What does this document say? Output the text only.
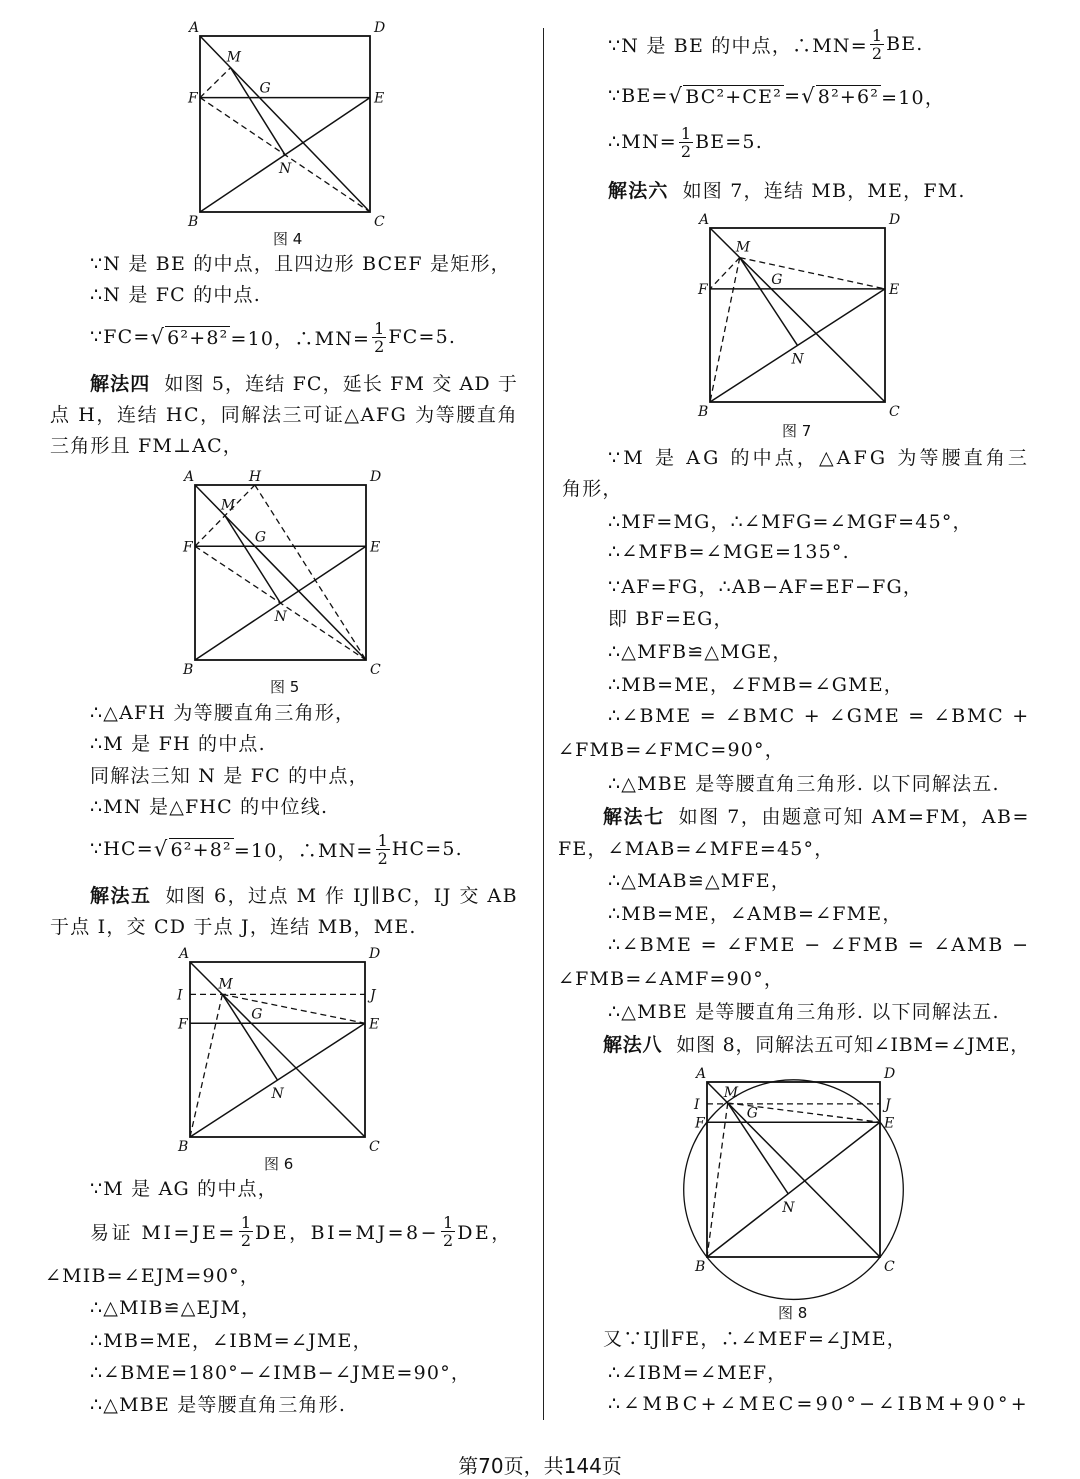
∵N 是 BE 的中点，且四边形 BCEF 是矩形，
∴N 是 FC 的中点.
∵FC= √ 6²+8² =10，∴MN= $\frac{1}{2} FC=5$.
解法四 如图 5，连结 FC，延长 FM 交 AD 于
点 H，连结 HC，同解法三可证△AFG 为等腰直角
三角形且 FM⊥AC，
∴△AFH 为等腰直角三角形，
∴M 是 FH 的中点.
同解法三知 N 是 FC 的中点，
∴MN 是△FHC 的中位线.
∵HC= √ 6²+8² =10，∴MN= $\frac{1}{2} HC=5$.
解法五 如图 6，过点 M 作 IJ∥BC，IJ 交 AB
于点 I，交 CD 于点 J，连结 MB，ME.
∵M 是 AG 的中点，
易证 $MI=JE= \frac{1}{2}$ DE，$BI=MJ=8- \frac{1}{2}$ DE，
∠MIB=∠EJM=90°，
∴△MIB≌△EJM，
∴MB=ME，∠IBM=∠JME，
∴∠BME=180°−∠IMB−∠JME=90°，
∴△MBE 是等腰直角三角形.
∵N 是 BE 的中点，∴MN= $\frac{1}{2}$ BE.
∵BE= √ BC²+CE² = √ 8²+6² =10，
∴MN= $\frac{1}{2} BE=5$.
解法六 如图 7，连结 MB，ME，FM.
∵M 是 AG 的中点，△AFG 为等腰直角三
角形，
∴MF=MG，∴∠MFG=∠MGF=45°，
∴∠MFB=∠MGE=135°.
∵AF=FG，∴AB−AF=EF−FG，
即 BF=EG，
∴△MFB≌△MGE，
∴MB=ME，∠FMB=∠GME，
∴∠BME = ∠BMC + ∠GME = ∠BMC +
∠FMB=∠FMC=90°，
∴△MBE 是等腰直角三角形. 以下同解法五.
解法七 如图 7，由题意可知 AM=FM，AB=
FE，∠MAB=∠MFE=45°，
∴△MAB≌△MFE，
∴MB=ME，∠AMB=∠FME，
∴∠BME = ∠FME − ∠FMB = ∠AMB −
∠FMB=∠AMF=90°，
∴△MBE 是等腰直角三角形. 以下同解法五.
解法八 如图 8，同解法五可知∠IBM=∠JME，
又∵IJ∥FE，∴∠MEF=∠JME，
∴∠IBM=∠MEF，
∴∠MBC+∠MEC=90°−∠IBM+90°+
A
B	C
D
E
F
G
M
N
图 4
A
B	C
D
E
F
G
M
N
H
图 5
A
B	C
D
E
F
G
M
N
I	J
图 6
A
B	C
D
E
F
G
M
N
图 7
A
B	C
D
E
F
G
M
N
I	J
图 8
第70页，共144页
